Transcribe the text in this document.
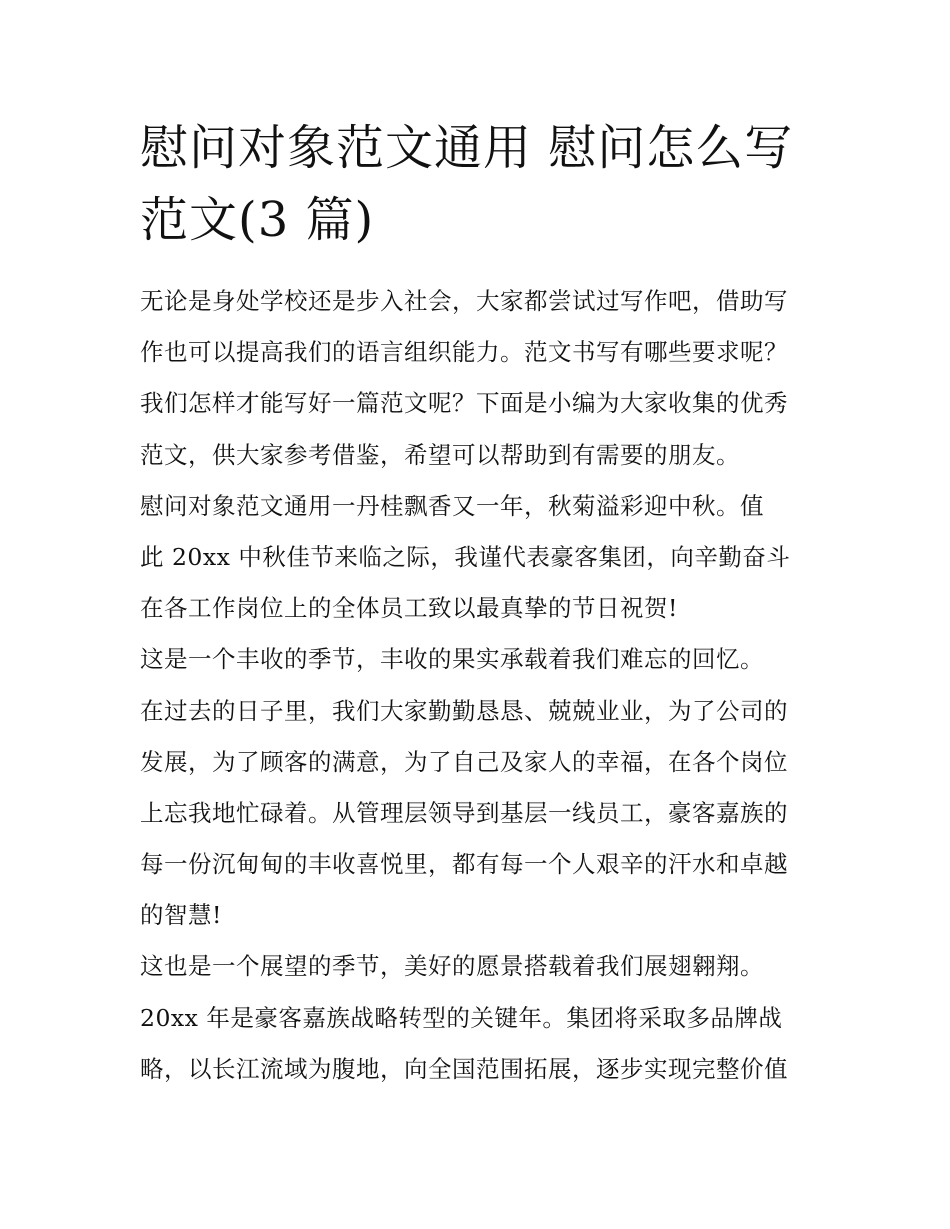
慰问对象范文通用 慰问怎么写
范文(3 篇)
无论是身处学校还是步入社会，大家都尝试过写作吧，借助写
作也可以提高我们的语言组织能力。范文书写有哪些要求呢？
我们怎样才能写好一篇范文呢？下面是小编为大家收集的优秀
范文，供大家参考借鉴，希望可以帮助到有需要的朋友。
慰问对象范文通用一丹桂飘香又一年，秋菊溢彩迎中秋。值
此 20xx 中秋佳节来临之际，我谨代表豪客集团，向辛勤奋斗
在各工作岗位上的全体员工致以最真挚的节日祝贺!
这是一个丰收的季节，丰收的果实承载着我们难忘的回忆。
在过去的日子里，我们大家勤勤恳恳、兢兢业业，为了公司的
发展，为了顾客的满意，为了自己及家人的幸福，在各个岗位
上忘我地忙碌着。从管理层领导到基层一线员工，豪客嘉族的
每一份沉甸甸的丰收喜悦里，都有每一个人艰辛的汗水和卓越
的智慧!
这也是一个展望的季节，美好的愿景搭载着我们展翅翱翔。
20xx 年是豪客嘉族战略转型的关键年。集团将采取多品牌战
略，以长江流域为腹地，向全国范围拓展，逐步实现完整价值
